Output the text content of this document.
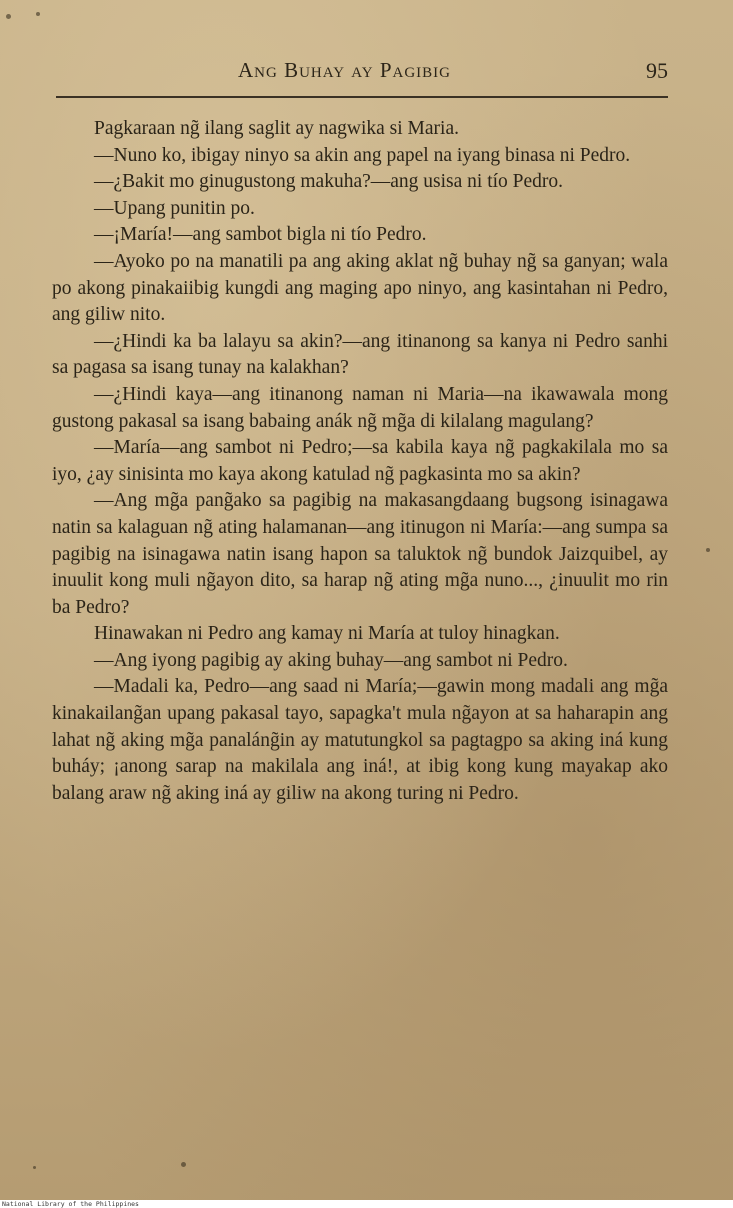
Ang Buhay ay Pagibig	95

Pagkaraan ng̃ ilang saglit ay nagwika si Maria.

—Nuno ko, ibigay ninyo sa akin ang papel na iyang binasa ni Pedro.

—¿Bakit mo ginugustong makuha?—ang usisa ni tío Pedro.

—Upang punitin po.

—¡María!—ang sambot bigla ni tío Pedro.

—Ayoko po na manatili pa ang aking aklat ng̃ buhay ng̃ sa ganyan; wala po akong pinakaiibig kungdi ang maging apo ninyo, ang kasintahan ni Pedro, ang giliw nito.

—¿Hindi ka ba lalayu sa akin?—ang itinanong sa kanya ni Pedro sanhi sa pagasa sa isang tunay na kalakhan?

—¿Hindi kaya—ang itinanong naman ni Maria—na ikawawala mong gustong pakasal sa isang babaing anák ng̃ mg̃a di kilalang magulang?

—María—ang sambot ni Pedro;—sa kabila kaya ng̃ pagkakilala mo sa iyo, ¿ay sinisinta mo kaya akong katulad ng̃ pagkasinta mo sa akin?

—Ang mg̃a pang̃ako sa pagibig na makasangdaang bugsong isinagawa natin sa kalaguan ng̃ ating halamanan—ang itinugon ni María:—ang sumpa sa pagibig na isinagawa natin isang hapon sa taluktok ng̃ bundok Jaizquibel, ay inuulit kong muli ng̃ayon dito, sa harap ng̃ ating mg̃a nuno..., ¿inuulit mo rin ba Pedro?

Hinawakan ni Pedro ang kamay ni María at tuloy hinagkan.

—Ang iyong pagibig ay aking buhay—ang sambot ni Pedro.

—Madali ka, Pedro—ang saad ni María;—gawin mong madali ang mg̃a kinakailang̃an upang pakasal tayo, sapagka't mula ng̃ayon at sa haharapin ang lahat ng̃ aking mg̃a panaláng̃in ay matutungkol sa pagtagpo sa aking iná kung buháy; ¡anong sarap na makilala ang iná!, at ibig kong kung mayakap ako balang araw ng̃ aking iná ay giliw na akong turing ni Pedro.

National Library of the Philippines
